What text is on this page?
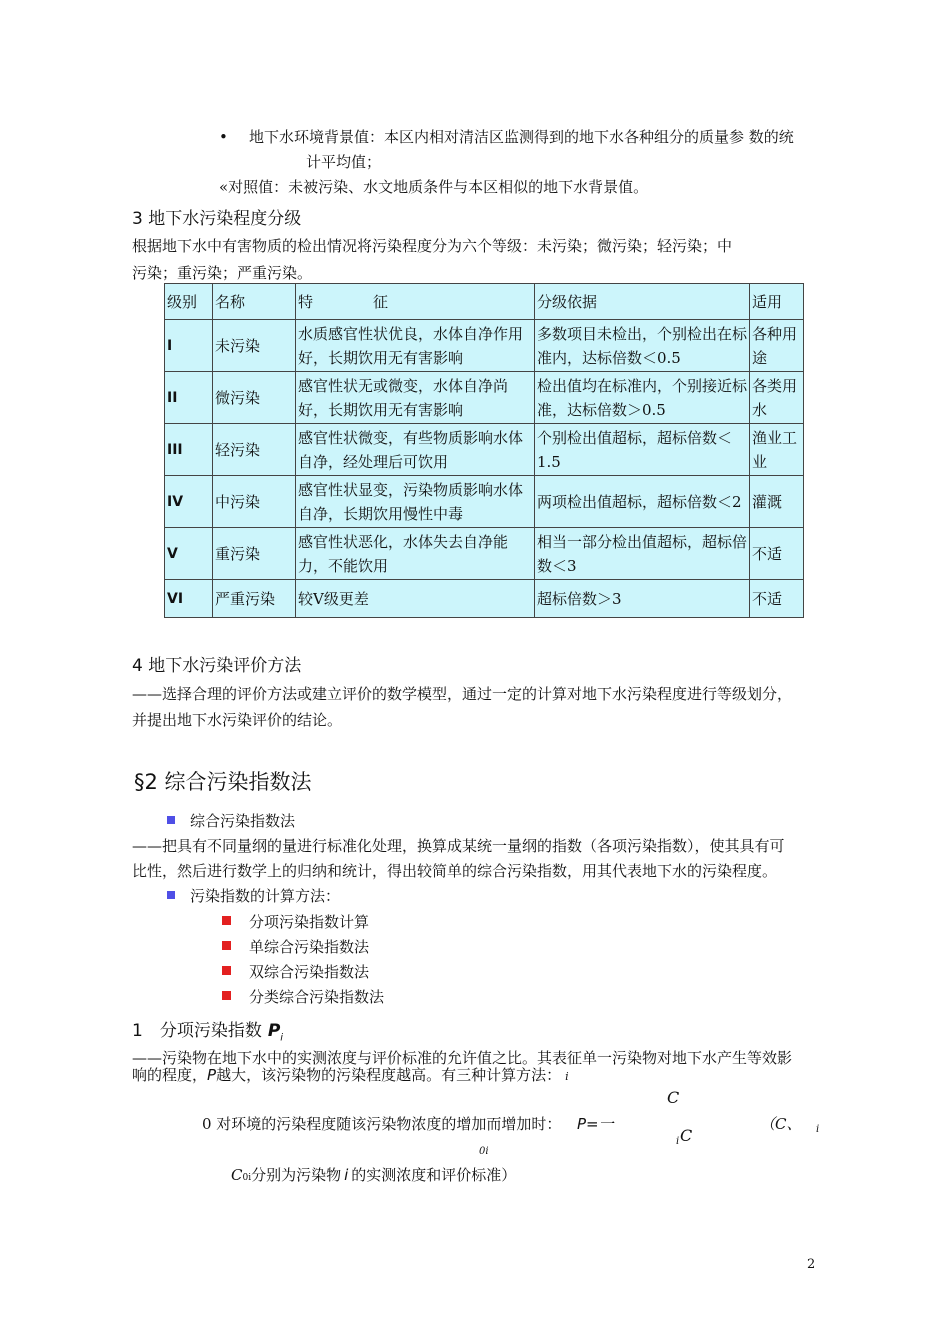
• 地下水环境背景值：本区内相对清洁区监测得到的地下水各种组分的质量参 数的统
计平均值；
«对照值：未被污染、水文地质条件与本区相似的地下水背景值。
3 地下水污染程度分级
根据地下水中有害物质的检出情况将污染程度分为六个等级：未污染；微污染；轻污染；中
污染；重污染；严重污染。
级别	名称	特　　　　征	分级依据	适用
I	未污染	水质感官性状优良，水体自净作用好，长期饮用无有害影响	多数项目未检出，个别检出在标准内，达标倍数＜0.5	各种用途
II	微污染	感官性状无或微变，水体自净尚好，长期饮用无有害影响	检出值均在标准内，个别接近标准，达标倍数＞0.5	各类用水
III	轻污染	感官性状微变，有些物质影响水体自净，经处理后可饮用	个别检出值超标，超标倍数＜1.5	渔业工业
IV	中污染	感官性状显变，污染物质影响水体自净，长期饮用慢性中毒	两项检出值超标，超标倍数＜2	灌溉
V	重污染	感官性状恶化，水体失去自净能力，不能饮用	相当一部分检出值超标，超标倍数＜3	不适
VI	严重污染	较V级更差	超标倍数＞3	不适
4 地下水污染评价方法
——选择合理的评价方法或建立评价的数学模型，通过一定的计算对地下水污染程度进行等级划分，
并提出地下水污染评价的结论。
§2 综合污染指数法
综合污染指数法
——把具有不同量纲的量进行标准化处理，换算成某统一量纲的指数（各项污染指数），使其具有可
比性，然后进行数学上的归纳和统计，得出较简单的综合污染指数，用其代表地下水的污染程度。
污染指数的计算方法：
分项污染指数计算
单综合污染指数法
双综合污染指数法
分类综合污染指数法
1　分项污染指数 $P_i$
——污染物在地下水中的实测浓度与评价标准的允许值之比。其表征单一污染物对地下水产生等效影
响的程度，P越大，该污染物的污染程度越高。有三种计算方法： i
C
0 对环境的污染程度随该污染物浓度的增加而增加时： P=一	（C、 i
i C
0i
C0i分别为污染物 i 的实测浓度和评价标准）
2
